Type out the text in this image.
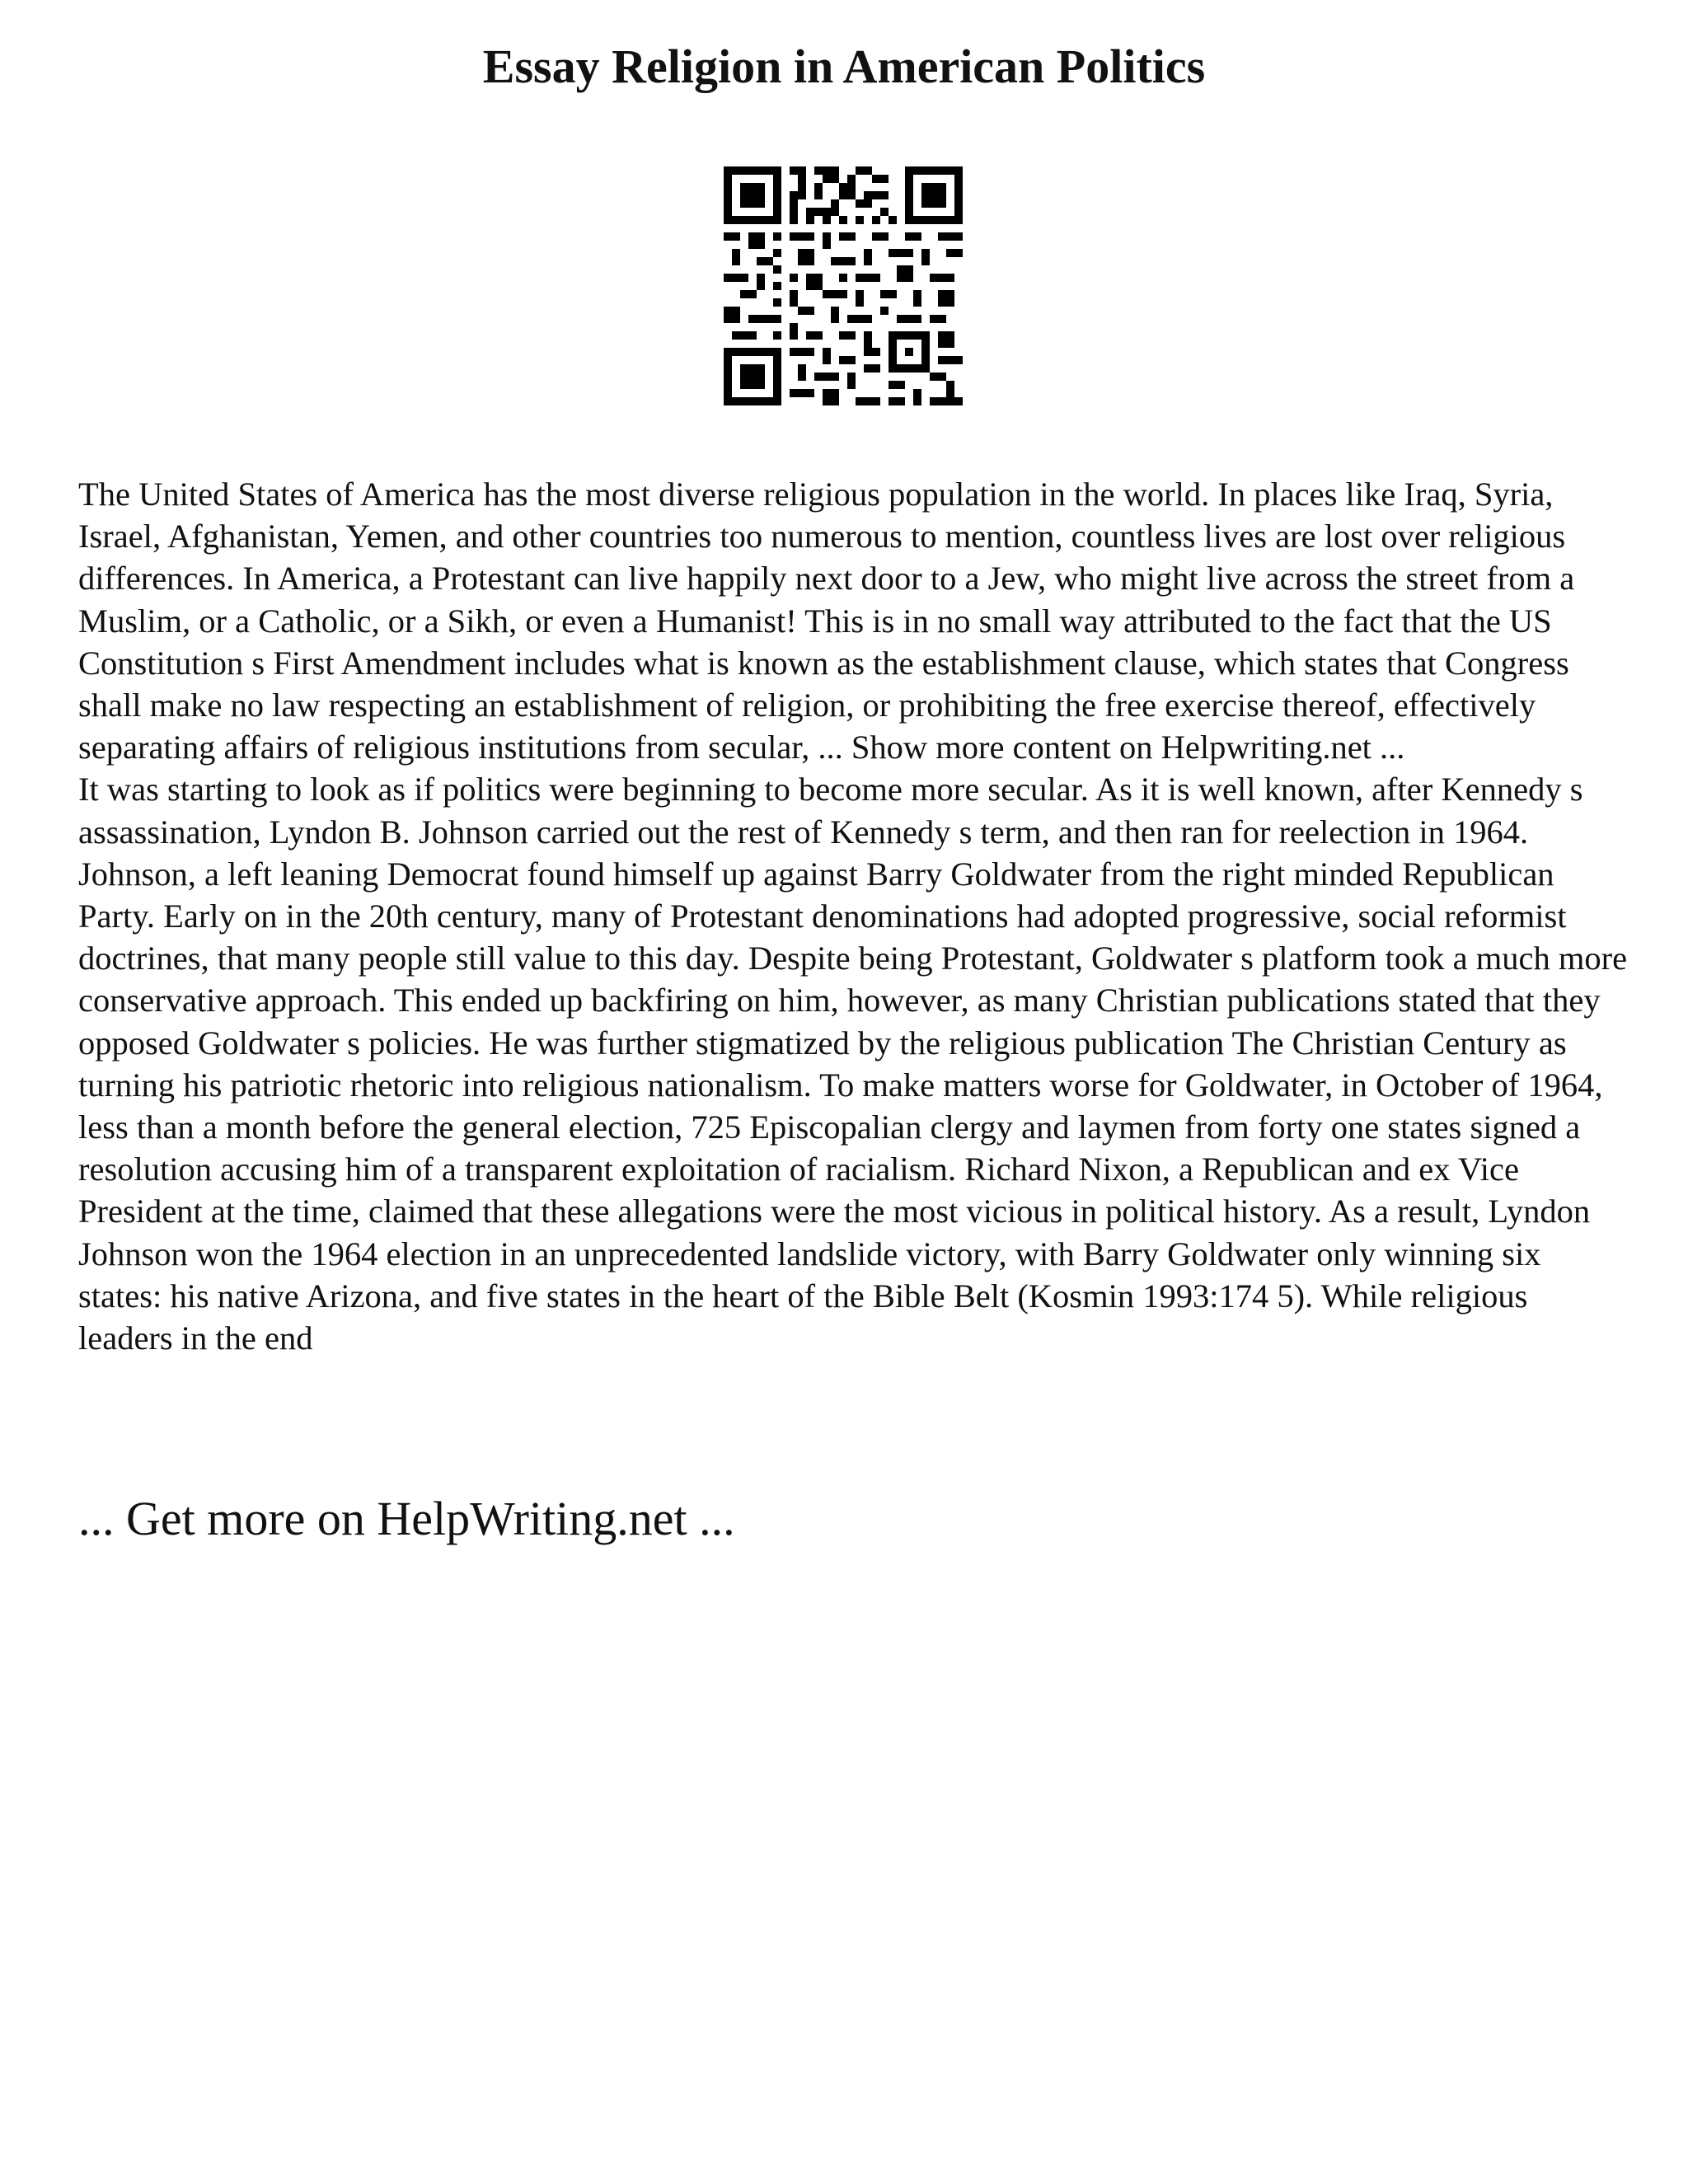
Essay Religion in American Politics

The United States of America has the most diverse religious population in the world. In places like Iraq, Syria, Israel, Afghanistan, Yemen, and other countries too numerous to mention, countless lives are lost over religious differences. In America, a Protestant can live happily next door to a Jew, who might live across the street from a Muslim, or a Catholic, or a Sikh, or even a Humanist! This is in no small way attributed to the fact that the US Constitution s First Amendment includes what is known as the establishment clause, which states that Congress shall make no law respecting an establishment of religion, or prohibiting the free exercise thereof, effectively separating affairs of religious institutions from secular, ... Show more content on Helpwriting.net ...

It was starting to look as if politics were beginning to become more secular. As it is well known, after Kennedy s assassination, Lyndon B. Johnson carried out the rest of Kennedy s term, and then ran for reelection in 1964. Johnson, a left leaning Democrat found himself up against Barry Goldwater from the right minded Republican Party. Early on in the 20th century, many of Protestant denominations had adopted progressive, social reformist doctrines, that many people still value to this day. Despite being Protestant, Goldwater s platform took a much more conservative approach. This ended up backfiring on him, however, as many Christian publications stated that they opposed Goldwater s policies. He was further stigmatized by the religious publication The Christian Century as turning his patriotic rhetoric into religious nationalism. To make matters worse for Goldwater, in October of 1964, less than a month before the general election, 725 Episcopalian clergy and laymen from forty one states signed a resolution accusing him of a transparent exploitation of racialism. Richard Nixon, a Republican and ex Vice President at the time, claimed that these allegations were the most vicious in political history. As a result, Lyndon Johnson won the 1964 election in an unprecedented landslide victory, with Barry Goldwater only winning six states: his native Arizona, and five states in the heart of the Bible Belt (Kosmin 1993:174 5). While religious leaders in the end

... Get more on HelpWriting.net ...
